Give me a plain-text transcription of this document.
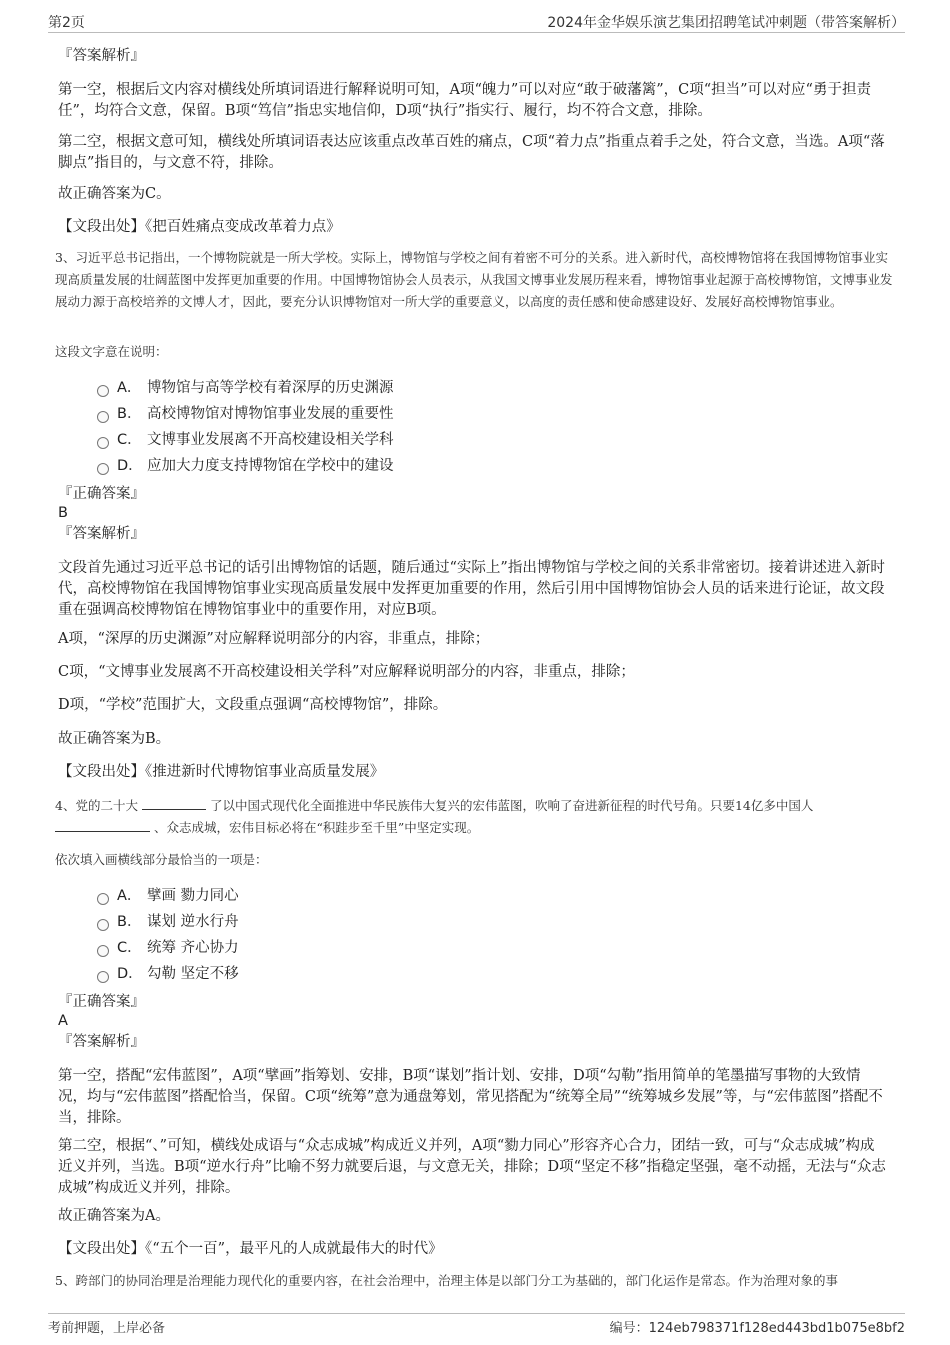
第2页	2024年金华娱乐演艺集团招聘笔试冲刺题（带答案解析）
『答案解析』
第一空，根据后文内容对横线处所填词语进行解释说明可知，A项“魄力”可以对应“敢于破藩篱”，C项“担当”可以对应“勇于担责任”，均符合文意，保留。B项“笃信”指忠实地信仰，D项“执行”指实行、履行，均不符合文意，排除。
第二空，根据文意可知，横线处所填词语表达应该重点改革百姓的痛点，C项“着力点”指重点着手之处，符合文意，当选。A项“落脚点”指目的，与文意不符，排除。
故正确答案为C。
【文段出处】《把百姓痛点变成改革着力点》
3、习近平总书记指出，一个博物院就是一所大学校。实际上，博物馆与学校之间有着密不可分的关系。进入新时代，高校博物馆将在我国博物馆事业实现高质量发展的壮阔蓝图中发挥更加重要的作用。中国博物馆协会人员表示，从我国文博事业发展历程来看，博物馆事业起源于高校博物馆，文博事业发展动力源于高校培养的文博人才，因此，要充分认识博物馆对一所大学的重要意义，以高度的责任感和使命感建设好、发展好高校博物馆事业。
这段文字意在说明：
A． 博物馆与高等学校有着深厚的历史渊源
B． 高校博物馆对博物馆事业发展的重要性
C． 文博事业发展离不开高校建设相关学科
D． 应加大力度支持博物馆在学校中的建设
『正确答案』
B
『答案解析』
文段首先通过习近平总书记的话引出博物馆的话题，随后通过“实际上”指出博物馆与学校之间的关系非常密切。接着讲述进入新时代，高校博物馆在我国博物馆事业实现高质量发展中发挥更加重要的作用，然后引用中国博物馆协会人员的话来进行论证，故文段重在强调高校博物馆在博物馆事业中的重要作用，对应B项。
A项，“深厚的历史渊源”对应解释说明部分的内容，非重点，排除；
C项，“文博事业发展离不开高校建设相关学科”对应解释说明部分的内容，非重点，排除；
D项，“学校”范围扩大，文段重点强调“高校博物馆”，排除。
故正确答案为B。
【文段出处】《推进新时代博物馆事业高质量发展》
4、党的二十大	了以中国式现代化全面推进中华民族伟大复兴的宏伟蓝图，吹响了奋进新征程的时代号角。只要14亿多中国人
、众志成城，宏伟目标必将在“积跬步至千里”中坚定实现。
依次填入画横线部分最恰当的一项是：
A． 擘画 勠力同心
B． 谋划 逆水行舟
C． 统筹 齐心协力
D． 勾勒 坚定不移
『正确答案』
A
『答案解析』
第一空，搭配“宏伟蓝图”，A项“擘画”指筹划、安排，B项“谋划”指计划、安排，D项“勾勒”指用简单的笔墨描写事物的大致情况，均与“宏伟蓝图”搭配恰当，保留。C项“统筹”意为通盘筹划，常见搭配为“统筹全局”“统筹城乡发展”等，与“宏伟蓝图”搭配不当，排除。
第二空，根据“、”可知，横线处成语与“众志成城”构成近义并列，A项“勠力同心”形容齐心合力，团结一致，可与“众志成城”构成近义并列，当选。B项“逆水行舟”比喻不努力就要后退，与文意无关，排除；D项“坚定不移”指稳定坚强，毫不动摇，无法与“众志成城”构成近义并列，排除。
故正确答案为A。
【文段出处】《“五个一百”，最平凡的人成就最伟大的时代》
5、跨部门的协同治理是治理能力现代化的重要内容，在社会治理中，治理主体是以部门分工为基础的，部门化运作是常态。作为治理对象的事
考前押题，上岸必备	编号：124eb798371f128ed443bd1b075e8bf2
